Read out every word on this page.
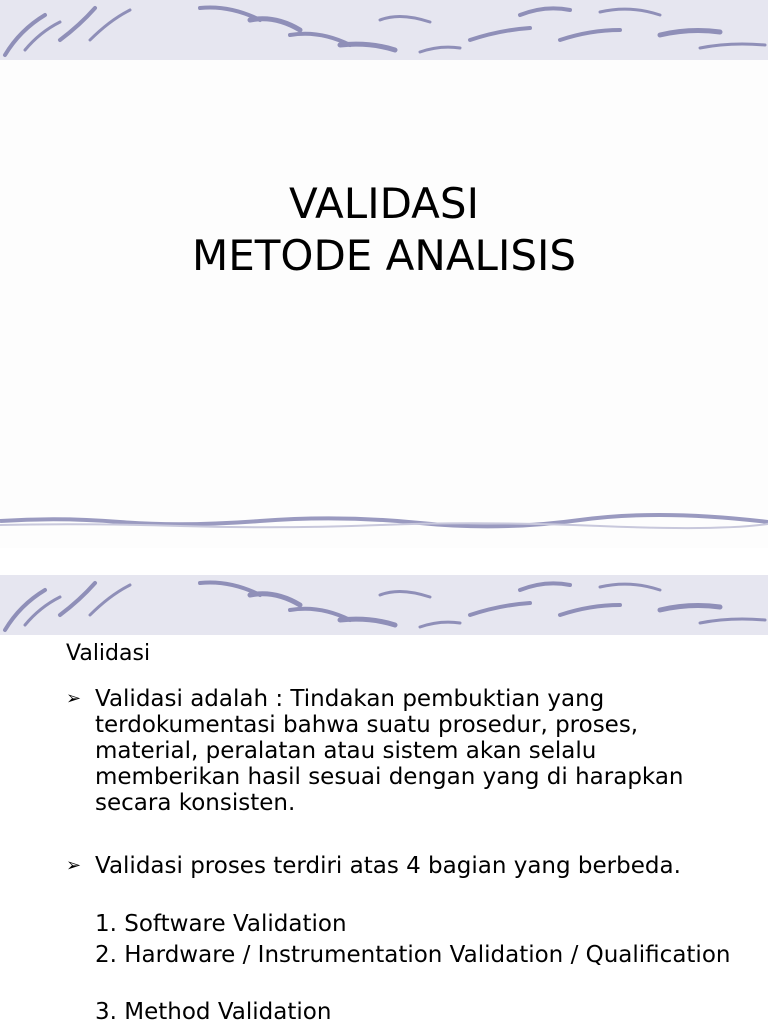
VALIDASI
METODE ANALISIS
Validasi
➢ Validasi adalah : Tindakan pembuktian yang terdokumentasi bahwa suatu prosedur, proses, material, peralatan atau sistem akan selalu memberikan hasil sesuai dengan yang di harapkan secara konsisten.
➢ Validasi proses terdiri atas 4 bagian yang berbeda.
1. Software Validation
2. Hardware / Instrumentation Validation / Qualification
3. Method Validation
